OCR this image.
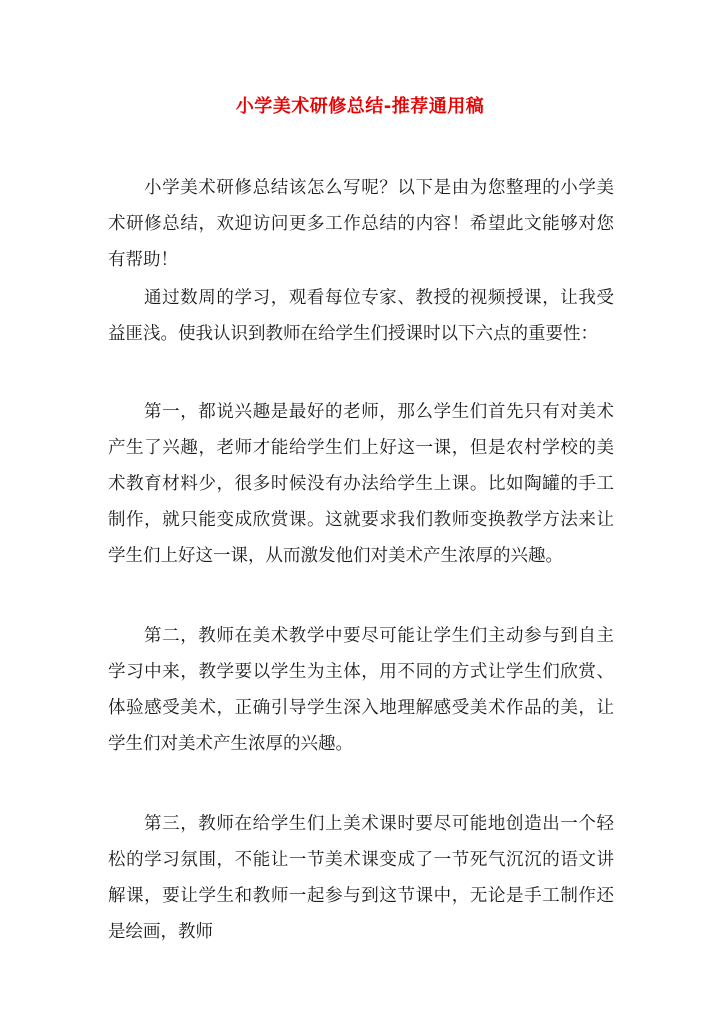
小学美术研修总结-推荐通用稿

小学美术研修总结该怎么写呢？以下是由为您整理的小学美术研修总结，欢迎访问更多工作总结的内容！希望此文能够对您有帮助！

通过数周的学习，观看每位专家、教授的视频授课，让我受益匪浅。使我认识到教师在给学生们授课时以下六点的重要性：

第一，都说兴趣是最好的老师，那么学生们首先只有对美术产生了兴趣，老师才能给学生们上好这一课，但是农村学校的美术教育材料少，很多时候没有办法给学生上课。比如陶罐的手工制作，就只能变成欣赏课。这就要求我们教师变换教学方法来让学生们上好这一课，从而激发他们对美术产生浓厚的兴趣。

第二，教师在美术教学中要尽可能让学生们主动参与到自主学习中来，教学要以学生为主体，用不同的方式让学生们欣赏、体验感受美术，正确引导学生深入地理解感受美术作品的美，让学生们对美术产生浓厚的兴趣。

第三，教师在给学生们上美术课时要尽可能地创造出一个轻松的学习氛围，不能让一节美术课变成了一节死气沉沉的语文讲解课，要让学生和教师一起参与到这节课中，无论是手工制作还是绘画，教师
